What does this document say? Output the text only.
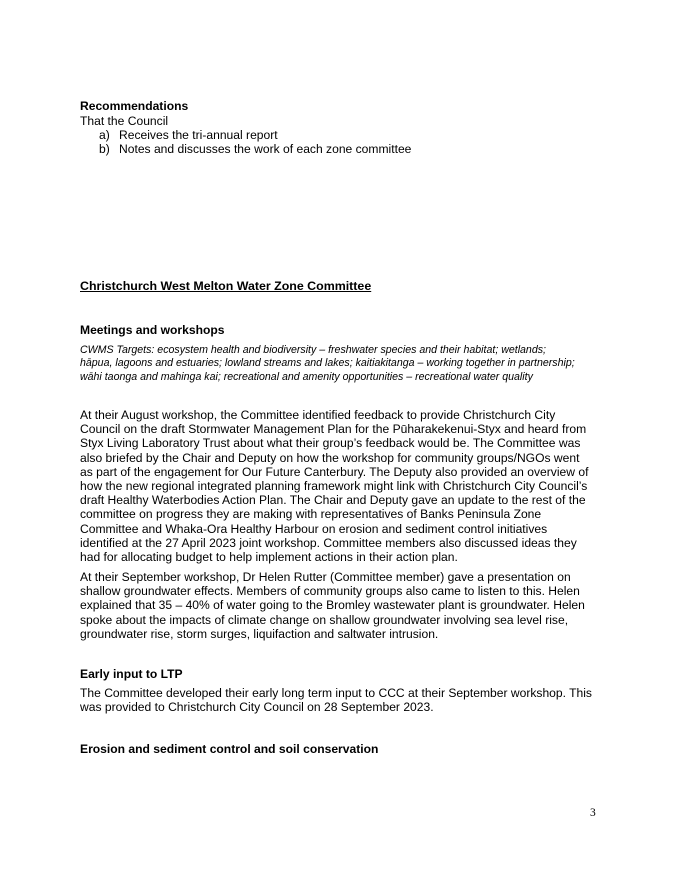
Recommendations
That the Council
a) Receives the tri-annual report
b) Notes and discusses the work of each zone committee
Christchurch West Melton Water Zone Committee
Meetings and workshops
CWMS Targets: ecosystem health and biodiversity – freshwater species and their habitat; wetlands;
hāpua, lagoons and estuaries; lowland streams and lakes; kaitiakitanga – working together in partnership;
wāhi taonga and mahinga kai; recreational and amenity opportunities – recreational water quality
At their August workshop, the Committee identified feedback to provide Christchurch City
Council on the draft Stormwater Management Plan for the Pūharakekenui-Styx and heard from
Styx Living Laboratory Trust about what their group’s feedback would be. The Committee was
also briefed by the Chair and Deputy on how the workshop for community groups/NGOs went
as part of the engagement for Our Future Canterbury. The Deputy also provided an overview of
how the new regional integrated planning framework might link with Christchurch City Council’s
draft Healthy Waterbodies Action Plan. The Chair and Deputy gave an update to the rest of the
committee on progress they are making with representatives of Banks Peninsula Zone
Committee and Whaka-Ora Healthy Harbour on erosion and sediment control initiatives
identified at the 27 April 2023 joint workshop. Committee members also discussed ideas they
had for allocating budget to help implement actions in their action plan.
At their September workshop, Dr Helen Rutter (Committee member) gave a presentation on
shallow groundwater effects. Members of community groups also came to listen to this. Helen
explained that 35 – 40% of water going to the Bromley wastewater plant is groundwater. Helen
spoke about the impacts of climate change on shallow groundwater involving sea level rise,
groundwater rise, storm surges, liquifaction and saltwater intrusion.
Early input to LTP
The Committee developed their early long term input to CCC at their September workshop. This
was provided to Christchurch City Council on 28 September 2023.
Erosion and sediment control and soil conservation
3
